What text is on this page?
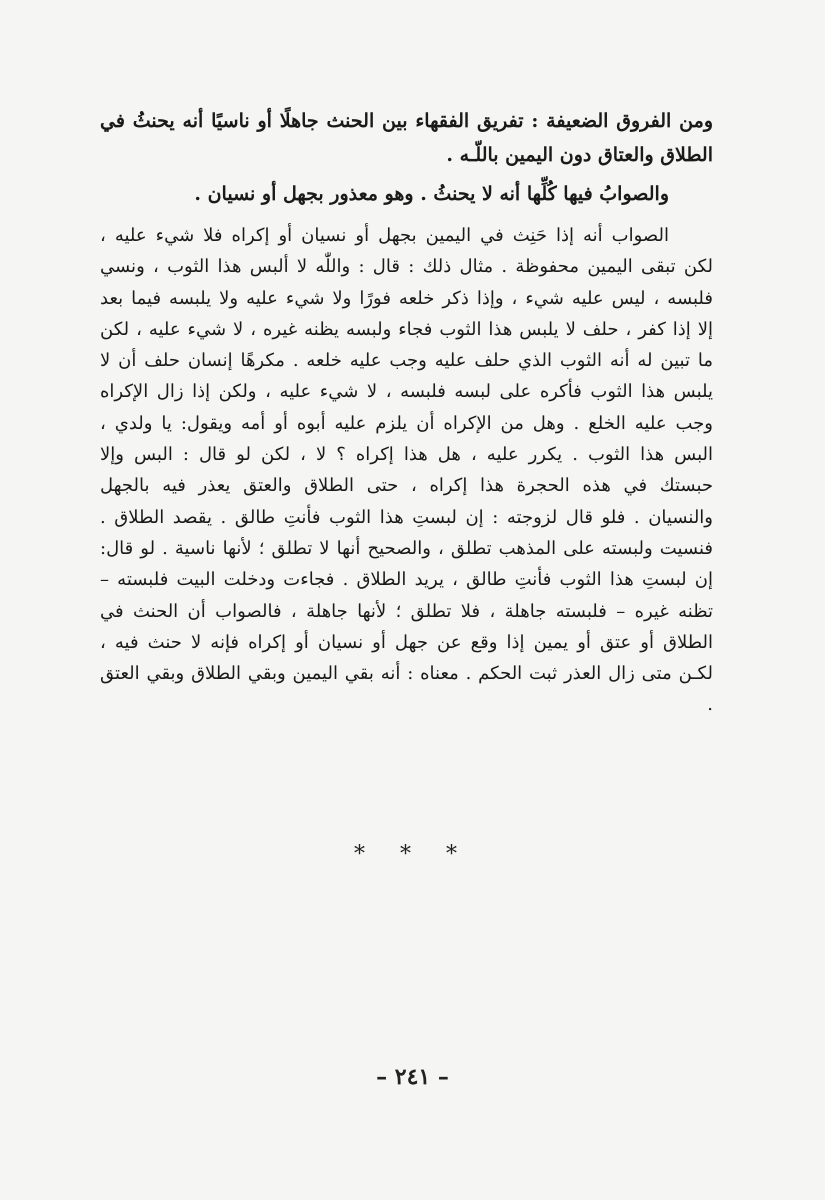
ومن الفروق الضعيفة : تفريق الفقهاء بين الحنث جاهلًا أو ناسيًا أنه يحنثُ في الطلاق والعتاق دون اليمين باللّـه .

والصوابُ فيها كُلِّها أنه لا يحنثُ . وهو معذور بجهل أو نسيان .

الصواب أنه إذا حَنِث في اليمين بجهل أو نسيان أو إكراه فلا شيء عليه ، لكن تبقى اليمين محفوظة . مثال ذلك : قال : واللّٰه لا ألبس هذا الثوب ، ونسي فلبسه ، ليس عليه شيء ، وإذا ذكر خلعه فورًا ولا شيء عليه ولا يلبسه فيما بعد إلا إذا كفر ، حلف لا يلبس هذا الثوب فجاء ولبسه يظنه غيره ، لا شيء عليه ، لكن ما تبين له أنه الثوب الذي حلف عليه وجب عليه خلعه . مكرهًا إنسان حلف أن لا يلبس هذا الثوب فأكره على لبسه فلبسه ، لا شيء عليه ، ولكن إذا زال الإكراه وجب عليه الخلع . وهل من الإكراه أن يلزم عليه أبوه أو أمه ويقول: يا ولدي ، البس هذا الثوب . يكرر عليه ، هل هذا إكراه ؟ لا ، لكن لو قال : البس وإلا حبستك في هذه الحجرة هذا إكراه ، حتى الطلاق والعتق يعذر فيه بالجهل والنسيان . فلو قال لزوجته : إن لبستِ هذا الثوب فأنتِ طالق . يقصد الطلاق . فنسيت ولبسته على المذهب تطلق ، والصحيح أنها لا تطلق ؛ لأنها ناسية . لو قال: إن لبستِ هذا الثوب فأنتِ طالق ، يريد الطلاق . فجاءت ودخلت البيت فلبسته – تظنه غيره – فلبسته جاهلة ، فلا تطلق ؛ لأنها جاهلة ، فالصواب أن الحنث في الطلاق أو عتق أو يمين إذا وقع عن جهل أو نسيان أو إكراه فإنه لا حنث فيه ، لكـن متى زال العذر ثبت الحكم . معناه : أنه بقي اليمين وبقي الطلاق وبقي العتق .

* * *
– ٢٤١ –
